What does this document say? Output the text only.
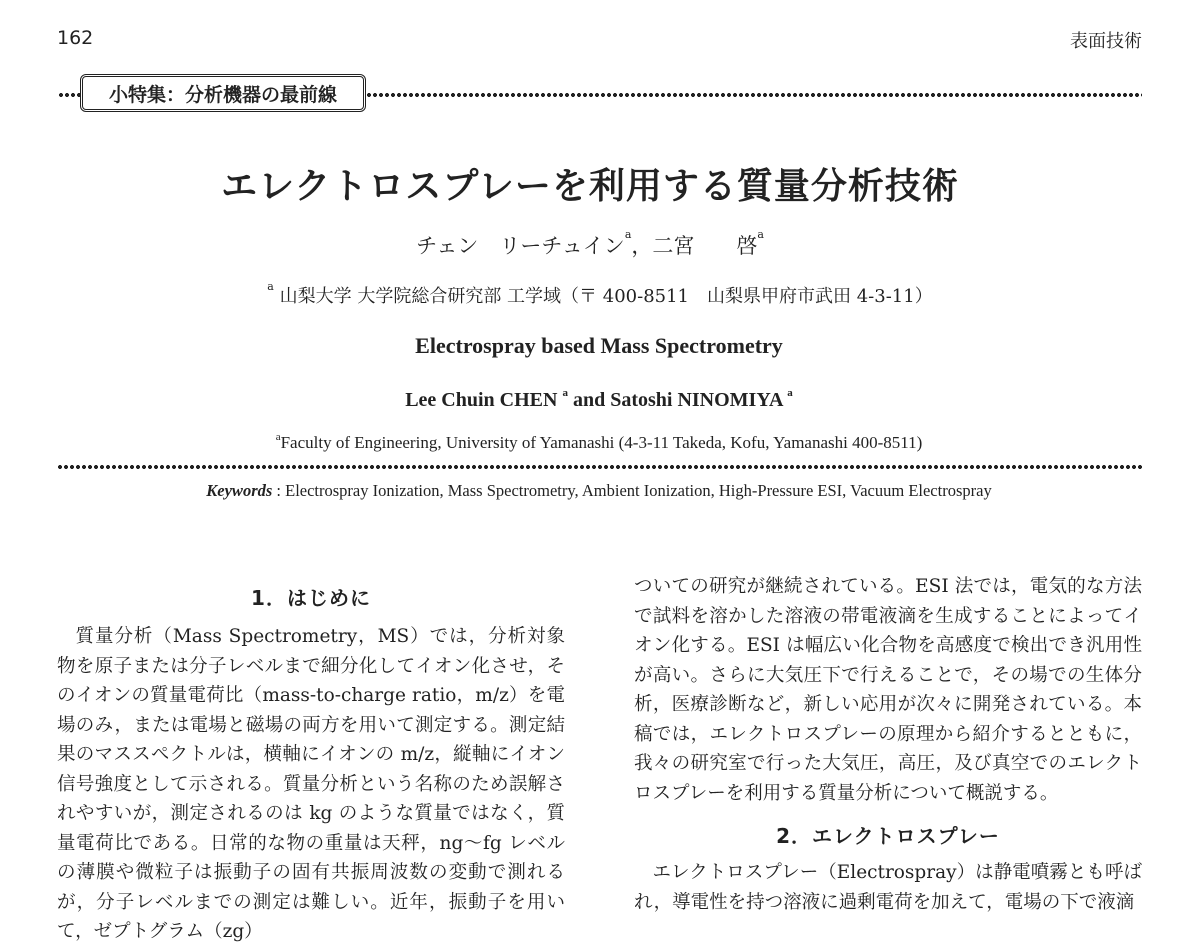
162	表面技術
小特集：分析機器の最前線
エレクトロスプレーを利用する質量分析技術
チェン　リーチュイン$^a$，二宮　　啓$^a$
$^a$ 山梨大学 大学院総合研究部 工学域（〒 400-8511　山梨県甲府市武田 4-3-11）
Electrospray based Mass Spectrometry
Lee Chuin CHEN $^a$ and Satoshi NINOMIYA $^a$
$^a$Faculty of Engineering, University of Yamanashi (4-3-11 Takeda, Kofu, Yamanashi 400-8511)
Keywords : Electrospray Ionization, Mass Spectrometry, Ambient Ionization, High-Pressure ESI, Vacuum Electrospray
1．はじめに

質量分析（Mass Spectrometry，MS）では，分析対象物を原子または分子レベルまで細分化してイオン化させ，そのイオンの質量電荷比（mass-to-charge ratio，m/z）を電場のみ，または電場と磁場の両方を用いて測定する。測定結果のマススペクトルは，横軸にイオンの m/z，縦軸にイオン信号強度として示される。質量分析という名称のため誤解されやすいが，測定されるのは kg のような質量ではなく，質量電荷比である。日常的な物の重量は天秤，ng〜fg レベルの薄膜や微粒子は振動子の固有共振周波数の変動で測れるが，分子レベルまでの測定は難しい。近年，振動子を用いて，ゼプトグラム（zg）

ついての研究が継続されている。ESI 法では，電気的な方法で試料を溶かした溶液の帯電液滴を生成することによってイオン化する。ESI は幅広い化合物を高感度で検出でき汎用性が高い。さらに大気圧下で行えることで，その場での生体分析，医療診断など，新しい応用が次々に開発されている。本稿では，エレクトロスプレーの原理から紹介するとともに，我々の研究室で行った大気圧，高圧，及び真空でのエレクトロスプレーを利用する質量分析について概説する。

2．エレクトロスプレー

エレクトロスプレー（Electrospray）は静電噴霧とも呼ばれ，導電性を持つ溶液に過剰電荷を加えて，電場の下で液滴
